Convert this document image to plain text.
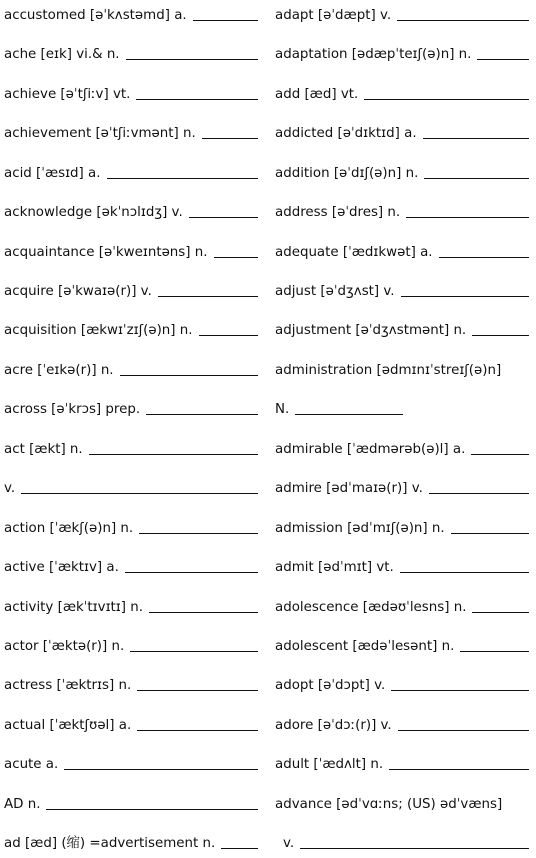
accustomed [əˈkʌstəmd] a.
ache [eɪk] vi.& n.
achieve [əˈtʃiːv] vt.
achievement [əˈtʃiːvmənt] n.
acid [ˈæsɪd] a.
acknowledge [əkˈnɔlɪdʒ] v.
acquaintance [əˈkweɪntəns] n.
acquire [əˈkwaɪə(r)] v.
acquisition [ækwɪˈzɪʃ(ə)n] n.
acre [ˈeɪkə(r)] n.
across [əˈkrɔs] prep.
act [ækt] n.
v.
action [ˈækʃ(ə)n] n.
active [ˈæktɪv] a.
activity [ækˈtɪvɪtɪ] n.
actor [ˈæktə(r)] n.
actress [ˈæktrɪs] n.
actual [ˈæktʃʊəl] a.
acute a.
AD n.
ad [æd] (缩) =advertisement n.
adapt [əˈdæpt] v.
adaptation [ədæpˈteɪʃ(ə)n] n.
add [æd] vt.
addicted [əˈdɪktɪd] a.
addition [əˈdɪʃ(ə)n] n.
address [əˈdres] n.
adequate [ˈædɪkwət] a.
adjust [əˈdʒʌst] v.
adjustment [əˈdʒʌstmənt] n.
administration [ədmɪnɪˈstreɪʃ(ə)n]
N.
admirable [ˈædmərəb(ə)l] a.
admire [ədˈmaɪə(r)] v.
admission [ədˈmɪʃ(ə)n] n.
admit [ədˈmɪt] vt.
adolescence [ædəʊˈlesns] n.
adolescent [ædəˈlesənt] n.
adopt [əˈdɔpt] v.
adore [əˈdɔː(r)] v.
adult [ˈædʌlt] n.
advance [ədˈvɑːns; (US) ədˈvæns]
v.
